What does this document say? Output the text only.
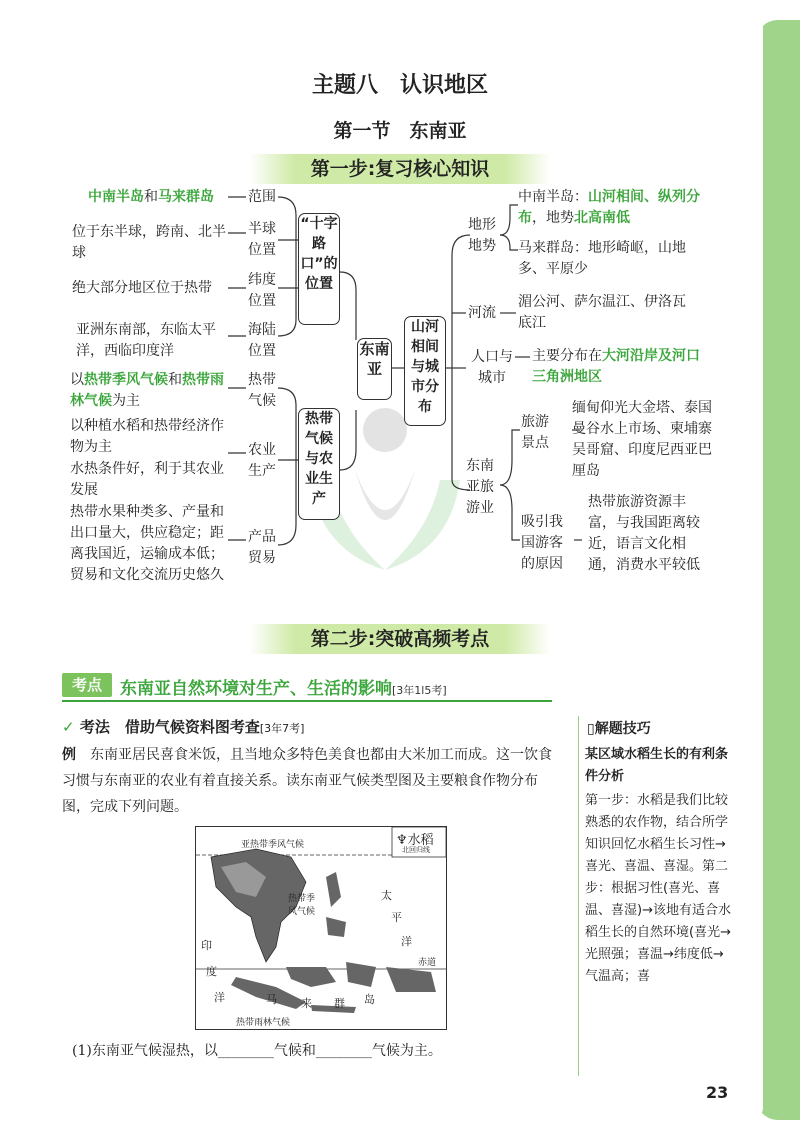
主题八　认识地区
第一节　东南亚
第一步:复习核心知识
中南半岛和马来群岛
位于东半球，跨南、北半球
绝大部分地区位于热带
亚洲东南部，东临太平洋，西临印度洋
以热带季风气候和热带雨林气候为主
以种植水稻和热带经济作物为主
水热条件好，利于其农业发展
热带水果种类多、产量和出口量大，供应稳定；距离我国近，运输成本低；贸易和文化交流历史悠久
范围
半球位置
纬度位置
海陆位置
热带气候
农业生产
产品贸易
“十字路口”的位置
热带气候与农业生产
东南亚
山河相间与城市分布
地形地势
河流
人口与城市
东南亚旅游业
旅游景点
吸引我国游客的原因
中南半岛：山河相间、纵列分布，地势北高南低
马来群岛：地形崎岖，山地多、平原少
湄公河、萨尔温江、伊洛瓦底江
主要分布在大河沿岸及河口三角洲地区
缅甸仰光大金塔、泰国曼谷水上市场、柬埔寨吴哥窟、印度尼西亚巴厘岛
热带旅游资源丰富，与我国距离较近，语言文化相通，消费水平较低
第二步:突破高频考点
考点	东南亚自然环境对生产、生活的影响[3年1l5考]
✓ 考法　 借助气候资料图考查[3年7考]
例　 东南亚居民喜食米饭，且当地众多特色美食也都由大米加工而成。这一饮食习惯与东南亚的农业有着直接关系。读东南亚气候类型图及主要粮食作物分布图，完成下列问题。
♆水稻
北回归线
亚热带季风气候
热带季风气候
太
平
洋
印
度
洋
赤道
马 来 群 岛
热带雨林气候
(1)东南亚气候湿热，以________气候和________气候为主。
▯解题技巧
某区域水稻生长的有利条件分析
第一步：水稻是我们比较熟悉的农作物，结合所学知识回忆水稻生长习性→喜光、喜温、喜湿。第二步：根据习性(喜光、喜温、喜湿)→该地有适合水稻生长的自然环境(喜光→光照强；喜温→纬度低→气温高；喜
23
